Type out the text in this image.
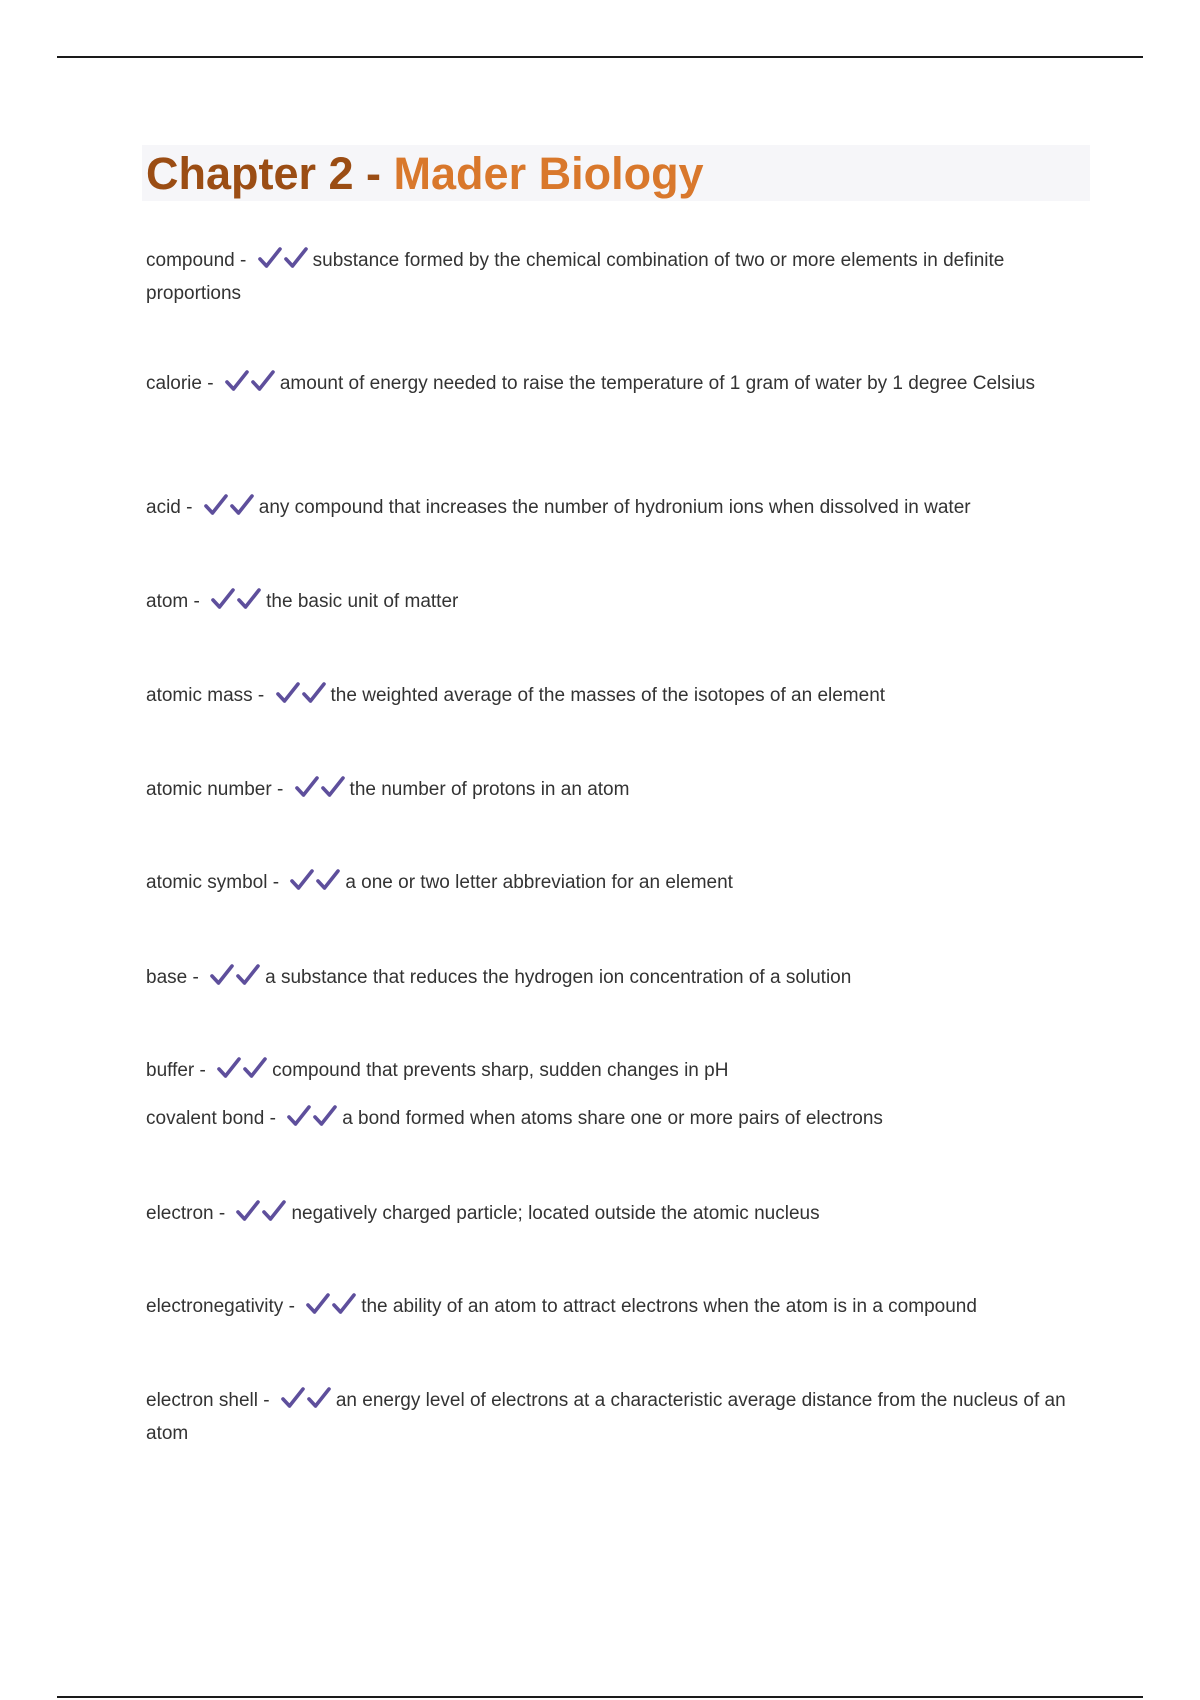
Chapter 2 - Mader Biology

compound -	substance formed by the chemical combination of two or more elements in definite proportions

calorie -	amount of energy needed to raise the temperature of 1 gram of water by 1 degree Celsius

acid -	any compound that increases the number of hydronium ions when dissolved in water

atom -	the basic unit of matter

atomic mass -	the weighted average of the masses of the isotopes of an element

atomic number -	the number of protons in an atom

atomic symbol -	a one or two letter abbreviation for an element

base -	a substance that reduces the hydrogen ion concentration of a solution

buffer -	compound that prevents sharp, sudden changes in pH

covalent bond -	a bond formed when atoms share one or more pairs of electrons

electron -	negatively charged particle; located outside the atomic nucleus

electronegativity -	the ability of an atom to attract electrons when the atom is in a compound

electron shell -	an energy level of electrons at a characteristic average distance from the nucleus of an atom
